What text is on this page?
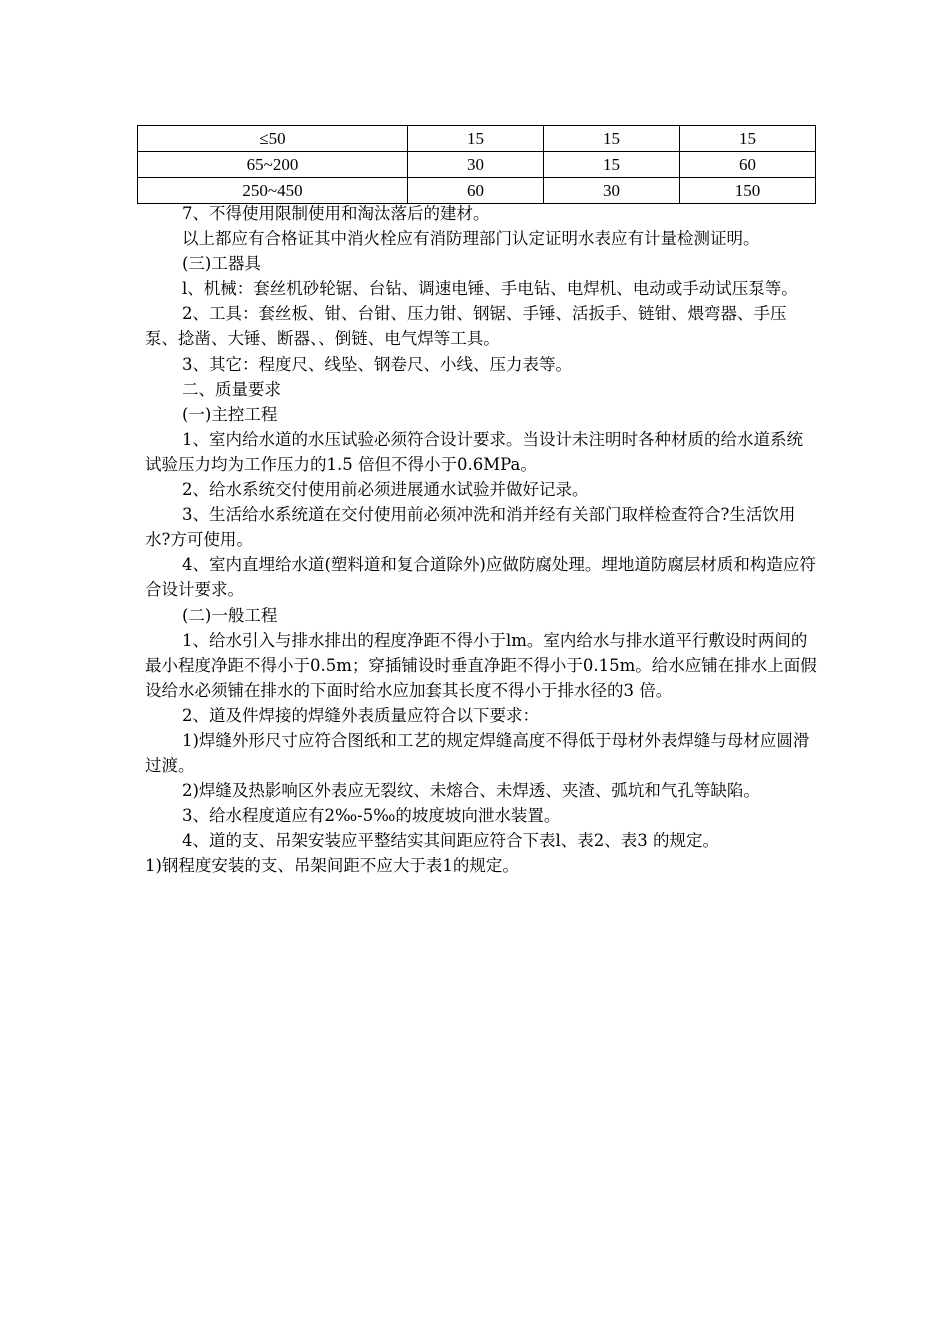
≤50	15	15	15
65~200	30	15	60
250~450	60	30	150

7、不得使用限制使用和淘汰落后的建材。

以上都应有合格证其中消火栓应有消防理部门认定证明水表应有计量检测证明。

(三)工器具

l、机械：套丝机砂轮锯、台钻、调速电锤、手电钻、电焊机、电动或手动试压泵等。

2、工具：套丝板、钳、台钳、压力钳、钢锯、手锤、活扳手、链钳、煨弯器、手压泵、捻凿、大锤、断器、、倒链、电气焊等工具。

3、其它：程度尺、线坠、钢卷尺、小线、压力表等。

二、质量要求

(一)主控工程

1、室内给水道的水压试验必须符合设计要求。当设计未注明时各种材质的给水道系统试验压力均为工作压力的1.5 倍但不得小于0.6MPa。

2、给水系统交付使用前必须进展通水试验并做好记录。

3、生活给水系统道在交付使用前必须冲洗和消并经有关部门取样检查符合?生活饮用水?方可使用。

4、室内直埋给水道(塑料道和复合道除外)应做防腐处理。埋地道防腐层材质和构造应符合设计要求。

(二)一般工程

1、给水引入与排水排出的程度净距不得小于lm。室内给水与排水道平行敷设时两间的最小程度净距不得小于0.5m；穿插铺设时垂直净距不得小于0.15m。给水应铺在排水上面假设给水必须铺在排水的下面时给水应加套其长度不得小于排水径的3 倍。

2、道及件焊接的焊缝外表质量应符合以下要求：

1)焊缝外形尺寸应符合图纸和工艺的规定焊缝高度不得低于母材外表焊缝与母材应圆滑过渡。

2)焊缝及热影响区外表应无裂纹、未熔合、未焊透、夹渣、弧坑和气孔等缺陷。

3、给水程度道应有2‰-5‰的坡度坡向泄水装置。

4、道的支、吊架安装应平整结实其间距应符合下表l、表2、表3 的规定。

1)钢程度安装的支、吊架间距不应大于表1的规定。
